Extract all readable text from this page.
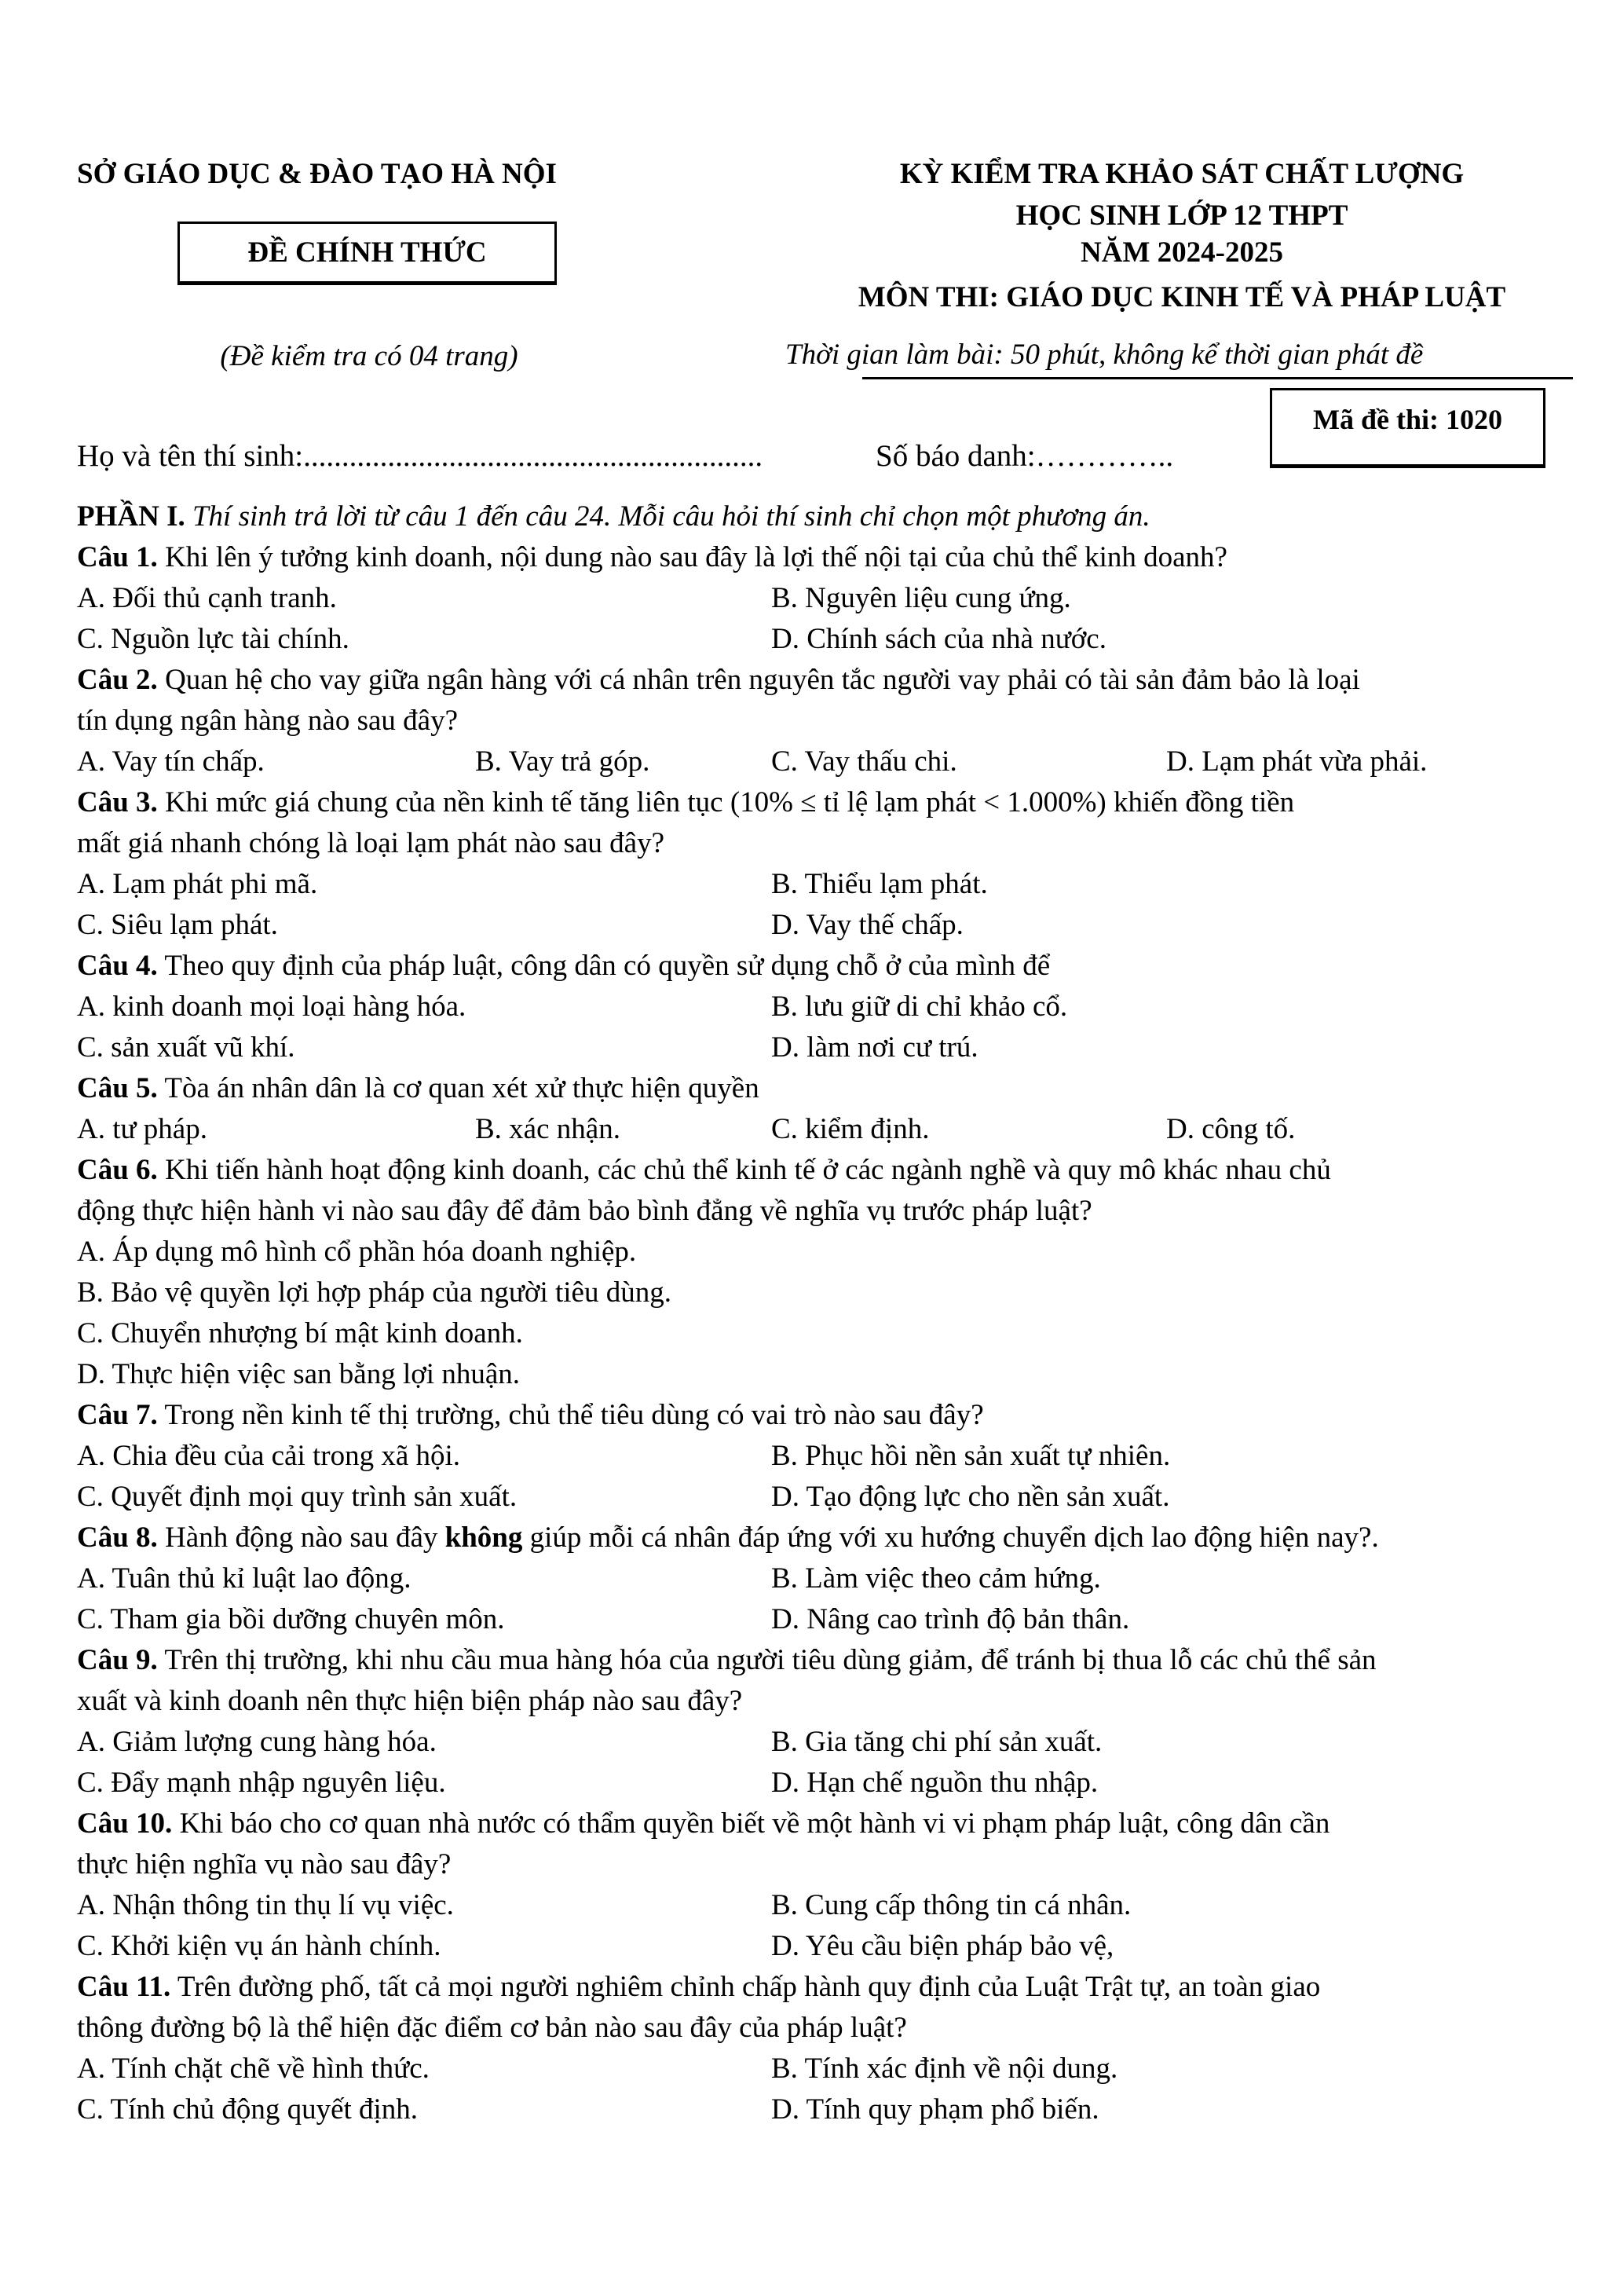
SỞ GIÁO DỤC & ĐÀO TẠO HÀ NỘI
ĐỀ CHÍNH THỨC
(Đề kiểm tra có 04 trang)
KỲ KIỂM TRA KHẢO SÁT CHẤT LƯỢNG
HỌC SINH LỚP 12 THPT
NĂM 2024-2025
MÔN THI: GIÁO DỤC KINH TẾ VÀ PHÁP LUẬT
Thời gian làm bài: 50 phút, không kể thời gian phát đề
Mã đề thi: 1020
Họ và tên thí sinh:............................................................	Số báo danh:…………..
PHẦN I. Thí sinh trả lời từ câu 1 đến câu 24. Mỗi câu hỏi thí sinh chỉ chọn một phương án.
Câu 1. Khi lên ý tưởng kinh doanh, nội dung nào sau đây là lợi thế nội tại của chủ thể kinh doanh?
A. Đối thủ cạnh tranh.	B. Nguyên liệu cung ứng.
C. Nguồn lực tài chính.	D. Chính sách của nhà nước.
Câu 2. Quan hệ cho vay giữa ngân hàng với cá nhân trên nguyên tắc người vay phải có tài sản đảm bảo là loại
tín dụng ngân hàng nào sau đây?
A. Vay tín chấp.	B. Vay trả góp.	C. Vay thấu chi.	D. Lạm phát vừa phải.
Câu 3. Khi mức giá chung của nền kinh tế tăng liên tục (10% ≤ tỉ lệ lạm phát < 1.000%) khiến đồng tiền
mất giá nhanh chóng là loại lạm phát nào sau đây?
A. Lạm phát phi mã.	B. Thiểu lạm phát.
C. Siêu lạm phát.	D. Vay thế chấp.
Câu 4. Theo quy định của pháp luật, công dân có quyền sử dụng chỗ ở của mình để
A. kinh doanh mọi loại hàng hóa.	B. lưu giữ di chỉ khảo cổ.
C. sản xuất vũ khí.	D. làm nơi cư trú.
Câu 5. Tòa án nhân dân là cơ quan xét xử thực hiện quyền
A. tư pháp.	B. xác nhận.	C. kiểm định.	D. công tố.
Câu 6. Khi tiến hành hoạt động kinh doanh, các chủ thể kinh tế ở các ngành nghề và quy mô khác nhau chủ
động thực hiện hành vi nào sau đây để đảm bảo bình đẳng về nghĩa vụ trước pháp luật?
A. Áp dụng mô hình cổ phần hóa doanh nghiệp.
B. Bảo vệ quyền lợi hợp pháp của người tiêu dùng.
C. Chuyển nhượng bí mật kinh doanh.
D. Thực hiện việc san bằng lợi nhuận.
Câu 7. Trong nền kinh tế thị trường, chủ thể tiêu dùng có vai trò nào sau đây?
A. Chia đều của cải trong xã hội.	B. Phục hồi nền sản xuất tự nhiên.
C. Quyết định mọi quy trình sản xuất.	D. Tạo động lực cho nền sản xuất.
Câu 8. Hành động nào sau đây không giúp mỗi cá nhân đáp ứng với xu hướng chuyển dịch lao động hiện nay?.
A. Tuân thủ kỉ luật lao động.	B. Làm việc theo cảm hứng.
C. Tham gia bồi dưỡng chuyên môn.	D. Nâng cao trình độ bản thân.
Câu 9. Trên thị trường, khi nhu cầu mua hàng hóa của người tiêu dùng giảm, để tránh bị thua lỗ các chủ thể sản
xuất và kinh doanh nên thực hiện biện pháp nào sau đây?
A. Giảm lượng cung hàng hóa.	B. Gia tăng chi phí sản xuất.
C. Đẩy mạnh nhập nguyên liệu.	D. Hạn chế nguồn thu nhập.
Câu 10. Khi báo cho cơ quan nhà nước có thẩm quyền biết về một hành vi vi phạm pháp luật, công dân cần
thực hiện nghĩa vụ nào sau đây?
A. Nhận thông tin thụ lí vụ việc.	B. Cung cấp thông tin cá nhân.
C. Khởi kiện vụ án hành chính.	D. Yêu cầu biện pháp bảo vệ,
Câu 11. Trên đường phố, tất cả mọi người nghiêm chỉnh chấp hành quy định của Luật Trật tự, an toàn giao
thông đường bộ là thể hiện đặc điểm cơ bản nào sau đây của pháp luật?
A. Tính chặt chẽ về hình thức.	B. Tính xác định về nội dung.
C. Tính chủ động quyết định.	D. Tính quy phạm phổ biến.
